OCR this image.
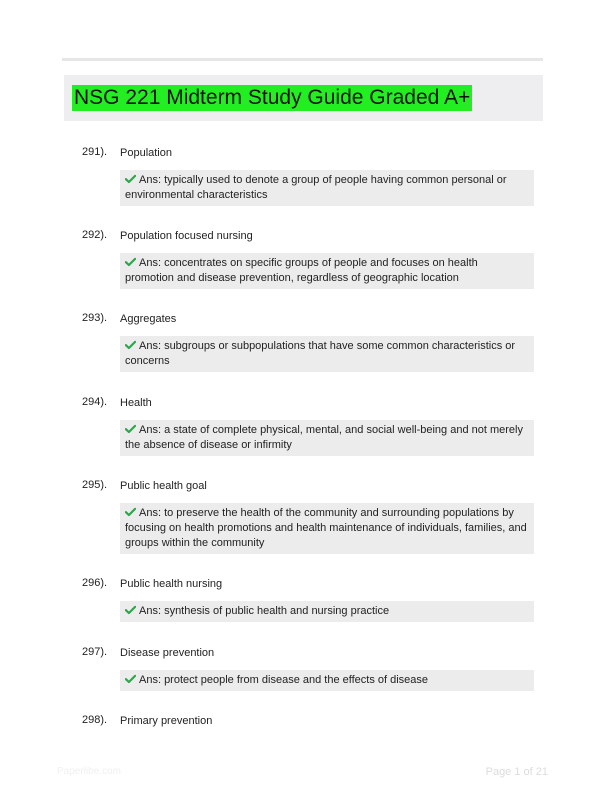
NSG 221 Midterm Study Guide Graded A+
291). Population
Ans: typically used to denote a group of people having common personal or environmental characteristics
292). Population focused nursing
Ans: concentrates on specific groups of people and focuses on health promotion and disease prevention, regardless of geographic location
293). Aggregates
Ans: subgroups or subpopulations that have some common characteristics or concerns
294). Health
Ans: a state of complete physical, mental, and social well-being and not merely the absence of disease or infirmity
295). Public health goal
Ans: to preserve the health of the community and surrounding populations by focusing on health promotions and health maintenance of individuals, families, and groups within the community
296). Public health nursing
Ans: synthesis of public health and nursing practice
297). Disease prevention
Ans: protect people from disease and the effects of disease
298). Primary prevention
Paperlibe.com	Page 1 of 21
